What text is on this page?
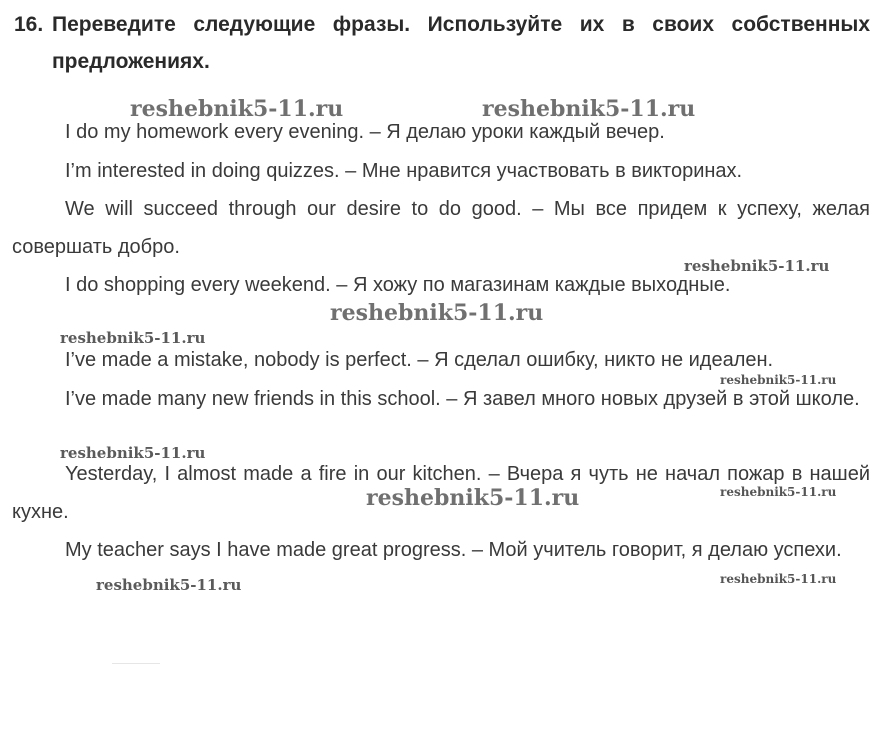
16. Переведите следующие фразы. Используйте их в своих собственных
предложениях.

I do my homework every evening. – Я делаю уроки каждый вечер.

I’m interested in doing quizzes. – Мне нравится участвовать в викторинах.

We will succeed through our desire to do good. – Мы все придем к успеху, желая совершать добро.

I do shopping every weekend. – Я хожу по магазинам каждые выходные.

I’ve made a mistake, nobody is perfect. – Я сделал ошибку, никто не идеален.

I’ve made many new friends in this school. – Я завел много новых друзей в этой школе.

Yesterday, I almost made a fire in our kitchen. – Вчера я чуть не начал пожар в нашей кухне.

My teacher says I have made great progress. – Мой учитель говорит, я делаю успехи.

reshebnik5-11.ru	reshebnik5-11.ru
reshebnik5-11.ru
reshebnik5-11.ru
reshebnik5-11.ru
reshebnik5-11.ru
reshebnik5-11.ru
reshebnik5-11.ru
reshebnik5-11.ru
reshebnik5-11.ru	reshebnik5-11.ru
